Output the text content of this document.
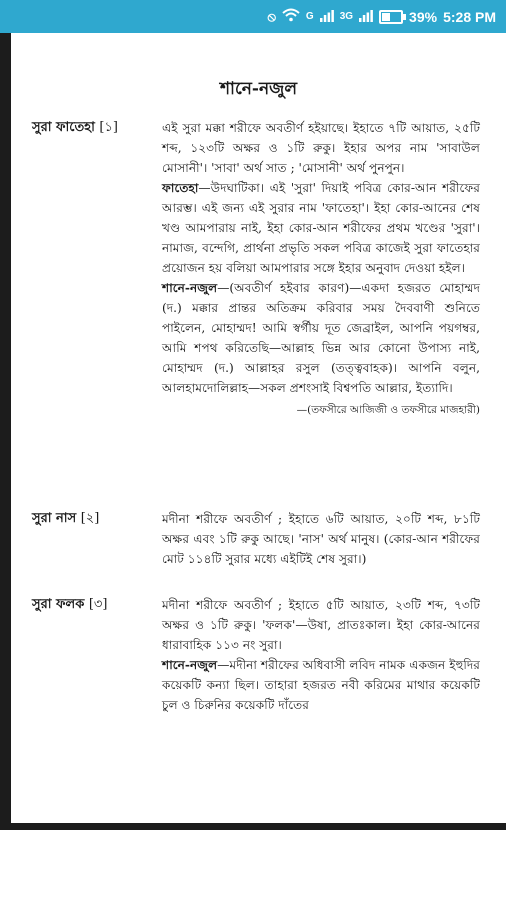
⦸	G	3G	39% 5:28 PM
শানে-নজুল
সুরা ফাতেহা [১]	এই সুরা মক্কা শরীফে অবতীর্ণ হইয়াছে। ইহাতে ৭টি আয়াত, ২৫টি শব্দ, ১২৩টি অক্ষর ও ১টি রুকু। ইহার অপর নাম 'সাবাউল মোসানী'। 'সাবা' অর্থ সাত ; 'মোসানী' অর্থ পুনপুন।

ফাতেহা—উদঘাটিকা। এই 'সুরা' দিয়াই পবিত্র কোর-আন শরীফের আরম্ভ। এই জন্য এই সুরার নাম 'ফাতেহা'। ইহা কোর-আনের শেষ খণ্ড আমপারায় নাই, ইহা কোর-আন শরীফের প্রথম খণ্ডের 'সুরা'। নামাজ, বন্দেগি, প্রার্থনা প্রভৃতি সকল পবিত্র কাজেই সুরা ফাতেহার প্রয়োজন হয় বলিয়া আমপারার সঙ্গে ইহার অনুবাদ দেওয়া হইল।

শানে-নজুল—(অবতীর্ণ হইবার কারণ)—একদা হজরত মোহাম্মদ (দ.) মক্কার প্রান্তর অতিক্রম করিবার সময় দৈববাণী শুনিতে পাইলেন, মোহাম্মদ! আমি স্বর্গীয় দূত জেব্রাইল, আপনি পয়গম্বর, আমি শপথ করিতেছি—আল্লাহ ভিন্ন আর কোনো উপাস্য নাই, মোহাম্মদ (দ.) আল্লাহর রসুল (তত্ত্ববাহক)। আপনি বলুন, আলহামদোলিল্লাহ—সকল প্রশংসাই বিশ্বপতি আল্লার, ইত্যাদি।

—(তফসীরে আজিজী ও তফসীরে মাজহারী)
সুরা নাস [২]	মদীনা শরীফে অবতীর্ণ ; ইহাতে ৬টি আয়াত, ২০টি শব্দ, ৮১টি অক্ষর এবং ১টি রুকু আছে। 'নাস' অর্থ মানুষ। (কোর-আন শরীফের মোট ১১৪টি সুরার মধ্যে এইটিই শেষ সুরা।)

সুরা ফলক [৩]	মদীনা শরীফে অবতীর্ণ ; ইহাতে ৫টি আয়াত, ২৩টি শব্দ, ৭৩টি অক্ষর ও ১টি রুকু। 'ফলক'—উষা, প্রাতঃকাল। ইহা কোর-আনের ধারাবাহিক ১১৩ নং সুরা।

শানে-নজুল—মদীনা শরীফের অধিবাসী লবিদ নামক একজন ইহুদির কয়েকটি কন্যা ছিল। তাহারা হজরত নবী করিমের মাথার কয়েকটি চুল ও চিরুনির কয়েকটি দাঁতের
